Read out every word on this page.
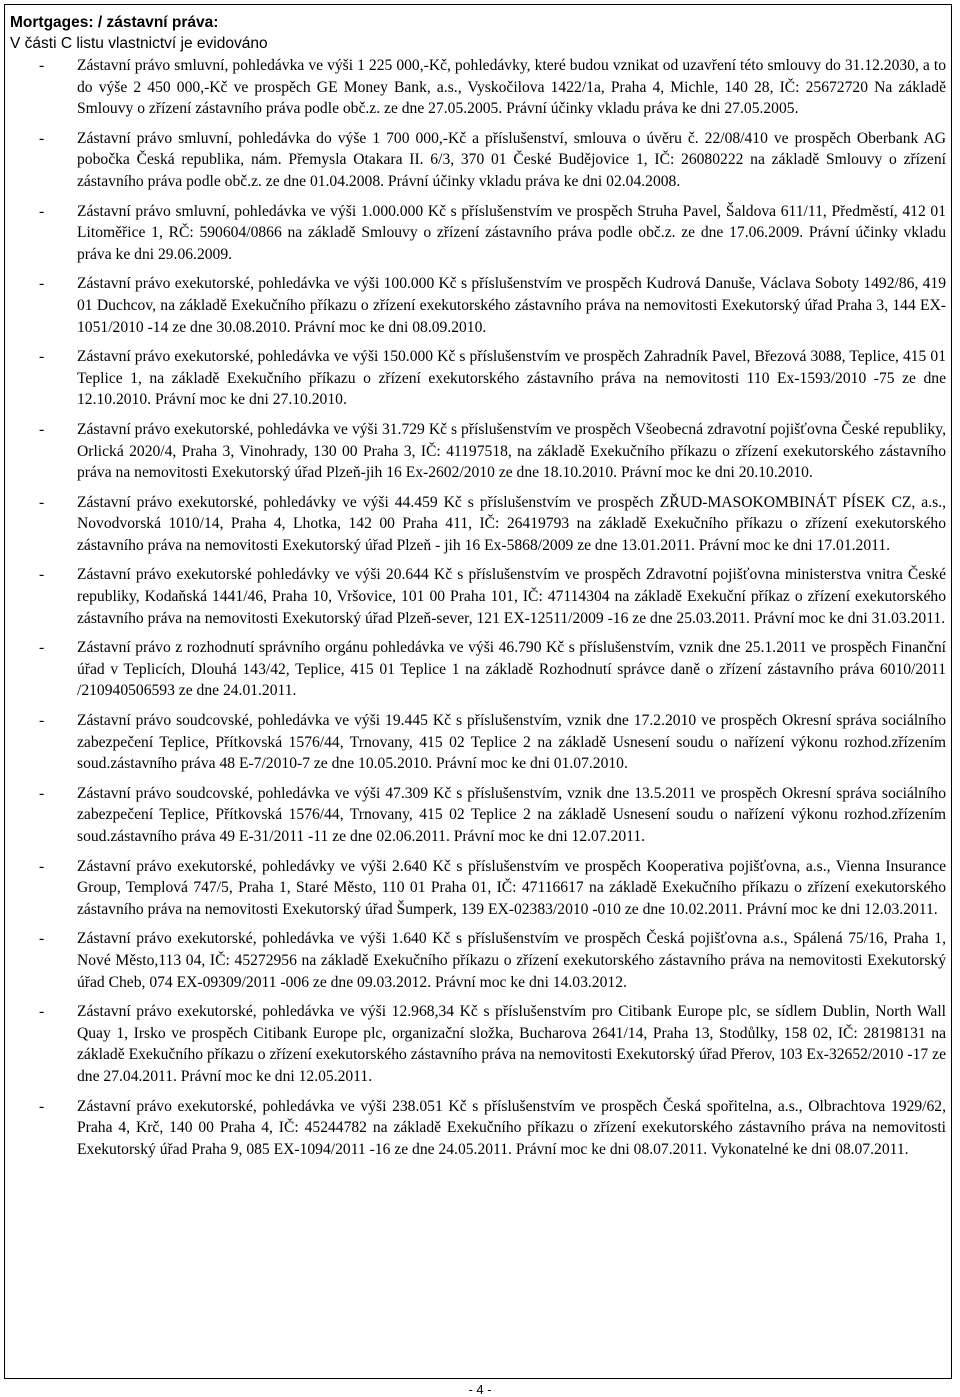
Mortgages: / zástavní práva:
V části C listu vlastnictví je evidováno
- Zástavní právo smluvní, pohledávka ve výši 1 225 000,-Kč, pohledávky, které budou vznikat od uzavření této smlouvy do 31.12.2030, a to do výše 2 450 000,-Kč ve prospěch GE Money Bank, a.s., Vyskočilova 1422/1a, Praha 4, Michle, 140 28, IČ: 25672720 Na základě Smlouvy o zřízení zástavního práva podle obč.z. ze dne 27.05.2005. Právní účinky vkladu práva ke dni 27.05.2005.
- Zástavní právo smluvní, pohledávka do výše 1 700 000,-Kč a příslušenství, smlouva o úvěru č. 22/08/410 ve prospěch Oberbank AG pobočka Česká republika, nám. Přemysla Otakara II. 6/3, 370 01 České Budějovice 1, IČ: 26080222 na základě Smlouvy o zřízení zástavního práva podle obč.z. ze dne 01.04.2008. Právní účinky vkladu práva ke dni 02.04.2008.
- Zástavní právo smluvní, pohledávka ve výši 1.000.000 Kč s příslušenstvím ve prospěch Struha Pavel, Šaldova 611/11, Předměstí, 412 01 Litoměřice 1, RČ: 590604/0866 na základě Smlouvy o zřízení zástavního práva podle obč.z. ze dne 17.06.2009. Právní účinky vkladu práva ke dni 29.06.2009.
- Zástavní právo exekutorské, pohledávka ve výši 100.000 Kč s příslušenstvím ve prospěch Kudrová Danuše, Václava Soboty 1492/86, 419 01 Duchcov, na základě Exekučního příkazu o zřízení exekutorského zástavního práva na nemovitosti Exekutorský úřad Praha 3, 144 EX-1051/2010 -14 ze dne 30.08.2010. Právní moc ke dni 08.09.2010.
- Zástavní právo exekutorské, pohledávka ve výši 150.000 Kč s příslušenstvím ve prospěch Zahradník Pavel, Březová 3088, Teplice, 415 01 Teplice 1, na základě Exekučního příkazu o zřízení exekutorského zástavního práva na nemovitosti 110 Ex-1593/2010 -75 ze dne 12.10.2010. Právní moc ke dni 27.10.2010.
- Zástavní právo exekutorské, pohledávka ve výši 31.729 Kč s příslušenstvím ve prospěch Všeobecná zdravotní pojišťovna České republiky, Orlická 2020/4, Praha 3, Vinohrady, 130 00 Praha 3, IČ: 41197518, na základě Exekučního příkazu o zřízení exekutorského zástavního práva na nemovitosti Exekutorský úřad Plzeň-jih 16 Ex-2602/2010 ze dne 18.10.2010. Právní moc ke dni 20.10.2010.
- Zástavní právo exekutorské, pohledávky ve výši 44.459 Kč s příslušenstvím ve prospěch ZŘUD-MASOKOMBINÁT PÍSEK CZ, a.s., Novodvorská 1010/14, Praha 4, Lhotka, 142 00 Praha 411, IČ: 26419793 na základě Exekučního příkazu o zřízení exekutorského zástavního práva na nemovitosti Exekutorský úřad Plzeň - jih 16 Ex-5868/2009 ze dne 13.01.2011. Právní moc ke dni 17.01.2011.
- Zástavní právo exekutorské pohledávky ve výši 20.644 Kč s příslušenstvím ve prospěch Zdravotní pojišťovna ministerstva vnitra České republiky, Kodaňská 1441/46, Praha 10, Vršovice, 101 00 Praha 101, IČ: 47114304 na základě Exekuční příkaz o zřízení exekutorského zástavního práva na nemovitosti Exekutorský úřad Plzeň-sever, 121 EX-12511/2009 -16 ze dne 25.03.2011. Právní moc ke dni 31.03.2011.
- Zástavní právo z rozhodnutí správního orgánu pohledávka ve výši 46.790 Kč s příslušenstvím, vznik dne 25.1.2011 ve prospěch Finanční úřad v Teplicích, Dlouhá 143/42, Teplice, 415 01 Teplice 1 na základě Rozhodnutí správce daně o zřízení zástavního práva 6010/2011 /210940506593 ze dne 24.01.2011.
- Zástavní právo soudcovské, pohledávka ve výši 19.445 Kč s příslušenstvím, vznik dne 17.2.2010 ve prospěch Okresní správa sociálního zabezpečení Teplice, Přítkovská 1576/44, Trnovany, 415 02 Teplice 2 na základě Usnesení soudu o nařízení výkonu rozhod.zřízením soud.zástavního práva 48 E-7/2010-7 ze dne 10.05.2010. Právní moc ke dni 01.07.2010.
- Zástavní právo soudcovské, pohledávka ve výši 47.309 Kč s příslušenstvím, vznik dne 13.5.2011 ve prospěch Okresní správa sociálního zabezpečení Teplice, Přítkovská 1576/44, Trnovany, 415 02 Teplice 2 na základě Usnesení soudu o nařízení výkonu rozhod.zřízením soud.zástavního práva 49 E-31/2011 -11 ze dne 02.06.2011. Právní moc ke dni 12.07.2011.
- Zástavní právo exekutorské, pohledávky ve výši 2.640 Kč s příslušenstvím ve prospěch Kooperativa pojišťovna, a.s., Vienna Insurance Group, Templová 747/5, Praha 1, Staré Město, 110 01 Praha 01, IČ: 47116617 na základě Exekučního příkazu o zřízení exekutorského zástavního práva na nemovitosti Exekutorský úřad Šumperk, 139 EX-02383/2010 -010 ze dne 10.02.2011. Právní moc ke dni 12.03.2011.
- Zástavní právo exekutorské, pohledávka ve výši 1.640 Kč s příslušenstvím ve prospěch Česká pojišťovna a.s., Spálená 75/16, Praha 1, Nové Město,113 04, IČ: 45272956 na základě Exekučního příkazu o zřízení exekutorského zástavního práva na nemovitosti Exekutorský úřad Cheb, 074 EX-09309/2011 -006 ze dne 09.03.2012. Právní moc ke dni 14.03.2012.
- Zástavní právo exekutorské, pohledávka ve výši 12.968,34 Kč s příslušenstvím pro Citibank Europe plc, se sídlem Dublin, North Wall Quay 1, Irsko ve prospěch Citibank Europe plc, organizační složka, Bucharova 2641/14, Praha 13, Stodůlky, 158 02, IČ: 28198131 na základě Exekučního příkazu o zřízení exekutorského zástavního práva na nemovitosti Exekutorský úřad Přerov, 103 Ex-32652/2010 -17 ze dne 27.04.2011. Právní moc ke dni 12.05.2011.
- Zástavní právo exekutorské, pohledávka ve výši 238.051 Kč s příslušenstvím ve prospěch Česká spořitelna, a.s., Olbrachtova 1929/62, Praha 4, Krč, 140 00 Praha 4, IČ: 45244782 na základě Exekučního příkazu o zřízení exekutorského zástavního práva na nemovitosti Exekutorský úřad Praha 9, 085 EX-1094/2011 -16 ze dne 24.05.2011. Právní moc ke dni 08.07.2011. Vykonatelné ke dni 08.07.2011.
- 4 -
